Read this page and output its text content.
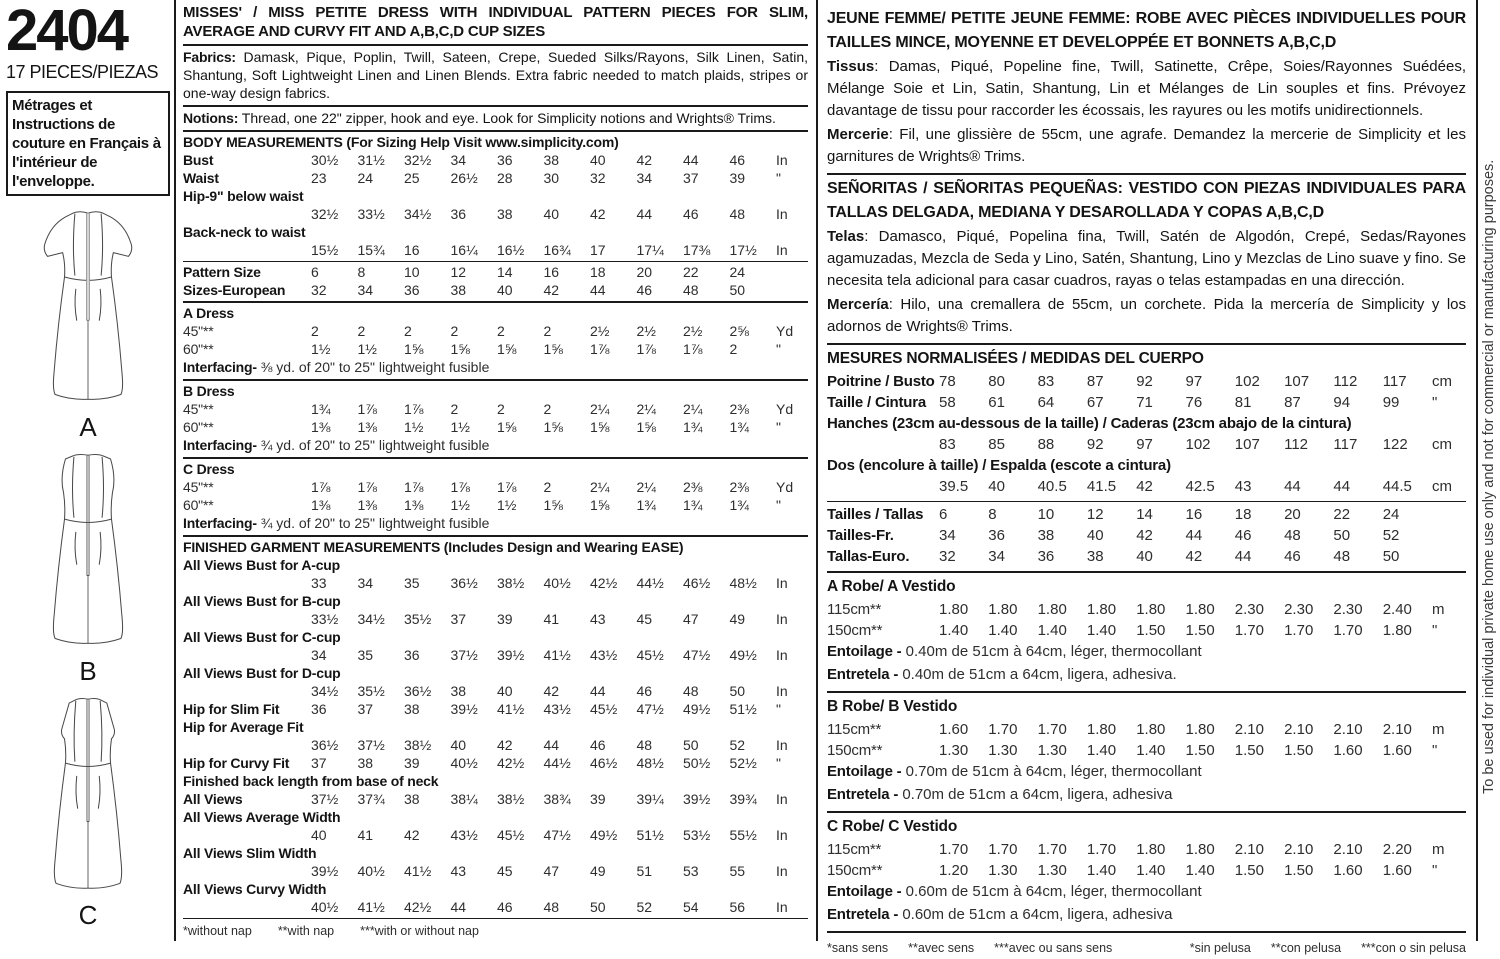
2404
17 PIECES/PIEZAS
Métrages et Instructions de couture en Français à l'intérieur de l'enveloppe.
A
B
C
MISSES' / MISS PETITE DRESS WITH INDIVIDUAL PATTERN PIECES FOR SLIM, AVERAGE AND CURVY FIT AND A,B,C,D CUP SIZES
Fabrics: Damask, Pique, Poplin, Twill, Sateen, Crepe, Sueded Silks/Rayons, Silk Linen, Satin, Shantung, Soft Lightweight Linen and Linen Blends. Extra fabric needed to match plaids, stripes or one-way design fabrics.
Notions: Thread, one 22" zipper, hook and eye. Look for Simplicity notions and Wrights® Trims.
BODY MEASUREMENTS (For Sizing Help Visit www.simplicity.com)
Bust	30½	31½	32½	34	36	38	40	42	44	46	In
Waist	23	24	25	26½	28	30	32	34	37	39	"
Hip-9" below waist
32½	33½	34½	36	38	40	42	44	46	48	In
Back-neck to waist
15½	15¾	16	16¼	16½	16¾	17	17¼	17⅜	17½	In
Pattern Size	6	8	10	12	14	16	18	20	22	24
Sizes-European	32	34	36	38	40	42	44	46	48	50
A Dress
45"**	2	2	2	2	2	2	2½	2½	2½	2⅝	Yd
60"**	1½	1½	1⅝	1⅝	1⅝	1⅝	1⅞	1⅞	1⅞	2	"
Interfacing- ⅜ yd. of 20" to 25" lightweight fusible
B Dress
45"**	1¾	1⅞	1⅞	2	2	2	2¼	2¼	2¼	2⅜	Yd
60"**	1⅜	1⅜	1½	1½	1⅝	1⅝	1⅝	1⅝	1¾	1¾	"
Interfacing- ¾ yd. of 20" to 25" lightweight fusible
C Dress
45"**	1⅞	1⅞	1⅞	1⅞	1⅞	2	2¼	2¼	2⅜	2⅜	Yd
60"**	1⅜	1⅜	1⅜	1½	1½	1⅝	1⅝	1¾	1¾	1¾	"
Interfacing- ¾ yd. of 20" to 25" lightweight fusible
FINISHED GARMENT MEASUREMENTS (Includes Design and Wearing EASE)
All Views Bust for A-cup
33	34	35	36½	38½	40½	42½	44½	46½	48½	In
All Views Bust for B-cup
33½	34½	35½	37	39	41	43	45	47	49	In
All Views Bust for C-cup
34	35	36	37½	39½	41½	43½	45½	47½	49½	In
All Views Bust for D-cup
34½	35½	36½	38	40	42	44	46	48	50	In
Hip for Slim Fit	36	37	38	39½	41½	43½	45½	47½	49½	51½	"
Hip for Average Fit
36½	37½	38½	40	42	44	46	48	50	52	In
Hip for Curvy Fit	37	38	39	40½	42½	44½	46½	48½	50½	52½	"
Finished back length from base of neck
All Views	37½	37¾	38	38¼	38½	38¾	39	39¼	39½	39¾	In
All Views Average Width
40	41	42	43½	45½	47½	49½	51½	53½	55½	In
All Views Slim Width
39½	40½	41½	43	45	47	49	51	53	55	In
All Views Curvy Width
40½	41½	42½	44	46	48	50	52	54	56	In
*without nap **with nap ***with or without nap
JEUNE FEMME/ PETITE JEUNE FEMME: ROBE AVEC PIÈCES INDIVIDUELLES POUR TAILLES MINCE, MOYENNE ET DEVELOPPÉE ET BONNETS A,B,C,D
Tissus: Damas, Piqué, Popeline fine, Twill, Satinette, Crêpe, Soies/Rayonnes Suédées, Mélange Soie et Lin, Satin, Shantung, Lin et Mélanges de Lin souples et fins. Prévoyez davantage de tissu pour raccorder les écossais, les rayures ou les motifs unidirectionnels.
Mercerie: Fil, une glissière de 55cm, une agrafe. Demandez la mercerie de Simplicity et les garnitures de Wrights® Trims.
SEÑORITAS / SEÑORITAS PEQUEÑAS: VESTIDO CON PIEZAS INDIVIDUALES PARA TALLAS DELGADA, MEDIANA Y DESAROLLADA Y COPAS A,B,C,D
Telas: Damasco, Piqué, Popelina fina, Twill, Satén de Algodón, Crepé, Sedas/Rayones agamuzadas, Mezcla de Seda y Lino, Satén, Shantung, Lino y Mezclas de Lino suave y fino. Se necesita tela adicional para casar cuadros, rayas o telas estampadas en una dirección.
Mercería: Hilo, una cremallera de 55cm, un corchete. Pida la mercería de Simplicity y los adornos de Wrights® Trims.
MESURES NORMALISÉES / MEDIDAS DEL CUERPO
Poitrine / Busto 78	80	83	87	92	97	102	107	112	117	cm
Taille / Cintura 58	61	64	67	71	76	81	87	94	99	"
Hanches (23cm au-dessous de la taille) / Caderas (23cm abajo de la cintura)
83	85	88	92	97	102	107	112	117	122	cm
Dos (encolure à taille) / Espalda (escote a cintura)
39.5	40	40.5	41.5	42	42.5	43	44	44	44.5	cm
Tailles / Tallas	6	8	10	12	14	16	18	20	22	24
Tailles-Fr.	34	36	38	40	42	44	46	48	50	52
Tallas-Euro.	32	34	36	38	40	42	44	46	48	50
A Robe/ A Vestido
115cm**	1.80	1.80	1.80	1.80	1.80	1.80	2.30	2.30	2.30	2.40	m
150cm**	1.40	1.40	1.40	1.40	1.50	1.50	1.70	1.70	1.70	1.80	"
Entoilage - 0.40m de 51cm à 64cm, léger, thermocollant
Entretela - 0.40m de 51cm a 64cm, ligera, adhesiva.
B Robe/ B Vestido
115cm**	1.60	1.70	1.70	1.80	1.80	1.80	2.10	2.10	2.10	2.10	m
150cm**	1.30	1.30	1.30	1.40	1.40	1.50	1.50	1.50	1.60	1.60	"
Entoilage - 0.70m de 51cm à 64cm, léger, thermocollant
Entretela - 0.70m de 51cm a 64cm, ligera, adhesiva
C Robe/ C Vestido
115cm**	1.70	1.70	1.70	1.70	1.80	1.80	2.10	2.10	2.10	2.20	m
150cm**	1.20	1.30	1.30	1.40	1.40	1.40	1.50	1.50	1.60	1.60	"
Entoilage - 0.60m de 51cm à 64cm, léger, thermocollant
Entretela - 0.60m de 51cm a 64cm, ligera, adhesiva
*sans sens **avec sens ***avec ou sans sens	*sin pelusa **con pelusa ***con o sin pelusa
To be used for individual private home use only and not for commercial or manufacturing purposes.
